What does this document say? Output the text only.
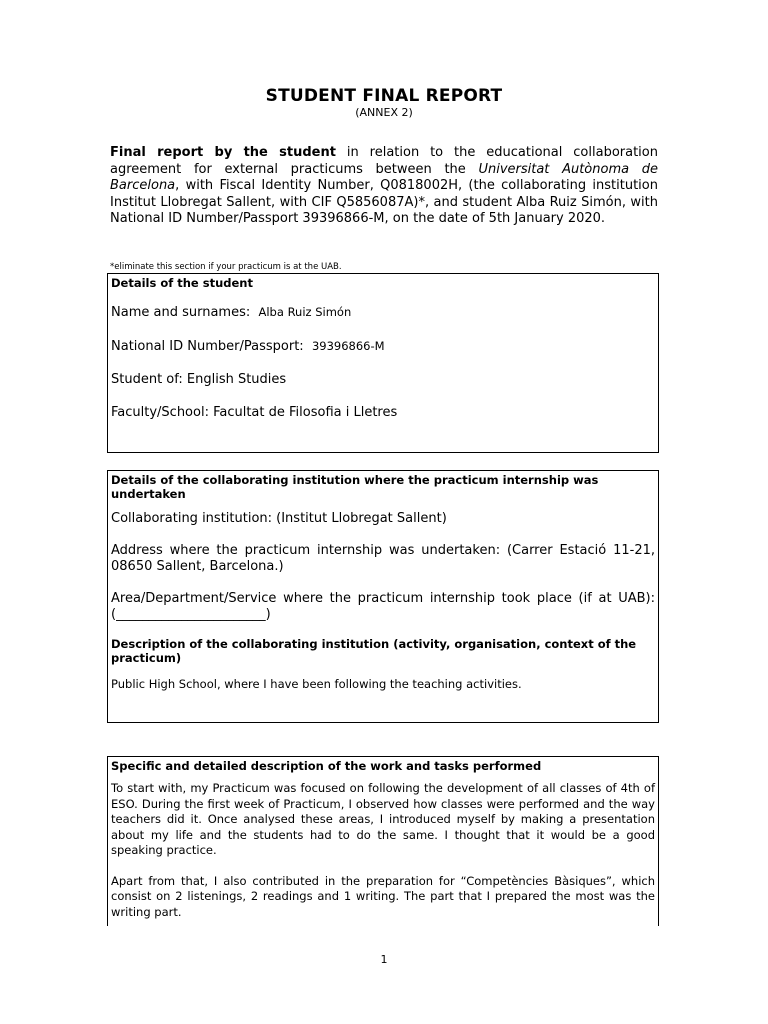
STUDENT FINAL REPORT
(ANNEX 2)
Final report by the student in relation to the educational collaboration agreement for external practicums between the Universitat Autònoma de Barcelona, with Fiscal Identity Number, Q0818002H, (the collaborating institution Institut Llobregat Sallent, with CIF Q5856087A)*, and student Alba Ruiz Simón, with National ID Number/Passport 39396866-M, on the date of 5th January 2020.
*eliminate this section if your practicum is at the UAB.
Details of the student
Name and surnames: Alba Ruiz Simón
National ID Number/Passport: 39396866-M
Student of: English Studies
Faculty/School: Facultat de Filosofia i Lletres
Details of the collaborating institution where the practicum internship was undertaken
Collaborating institution: (Institut Llobregat Sallent)
Address where the practicum internship was undertaken: (Carrer Estació 11-21, 08650 Sallent, Barcelona.)
Area/Department/Service where the practicum internship took place (if at UAB): (_______________________)
Description of the collaborating institution (activity, organisation, context of the practicum)
Public High School, where I have been following the teaching activities.
Specific and detailed description of the work and tasks performed
To start with, my Practicum was focused on following the development of all classes of 4th of ESO. During the first week of Practicum, I observed how classes were performed and the way teachers did it. Once analysed these areas, I introduced myself by making a presentation about my life and the students had to do the same. I thought that it would be a good speaking practice.
Apart from that, I also contributed in the preparation for “Competències Bàsiques”, which consist on 2 listenings, 2 readings and 1 writing. The part that I prepared the most was the writing part.
1
